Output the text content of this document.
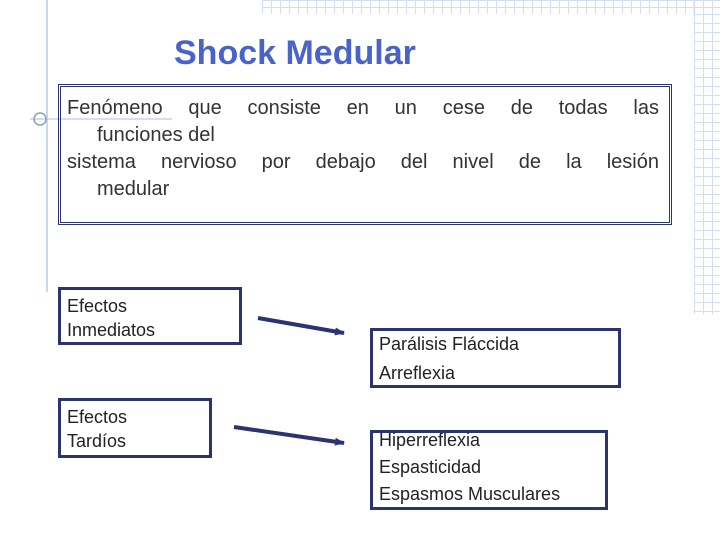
Shock Medular
Fenómeno que consiste en un cese de todas las
funciones del
sistema nervioso por debajo del nivel de la lesión
medular
Efectos
Inmediatos
Parálisis Fláccida
Arreflexia
Efectos
Tardíos	Hiperreflexia
Espasticidad
Espasmos Musculares
